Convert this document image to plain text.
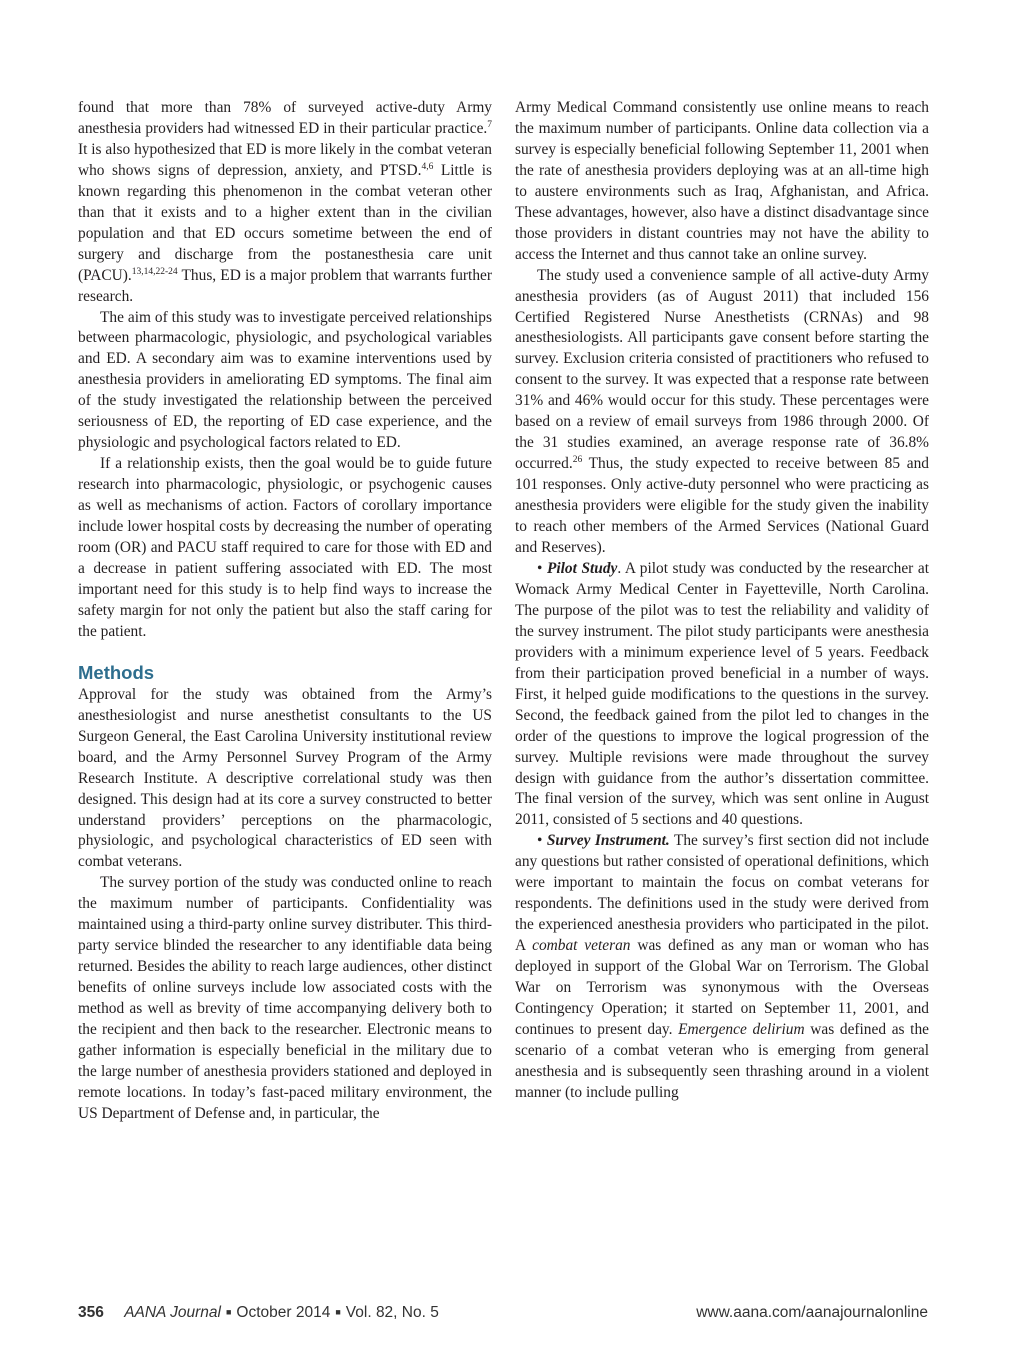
found that more than 78% of surveyed active-duty Army anesthesia providers had witnessed ED in their particular practice.$^7$ It is also hypothesized that ED is more likely in the combat veteran who shows signs of depression, anxiety, and PTSD.$^{4,6}$ Little is known regarding this phenomenon in the combat veteran other than that it exists and to a higher extent than in the civilian population and that ED occurs sometime between the end of surgery and discharge from the postanesthesia care unit (PACU).$^{13,14,22-24}$ Thus, ED is a major problem that warrants further research.

The aim of this study was to investigate perceived relationships between pharmacologic, physiologic, and psychological variables and ED. A secondary aim was to examine interventions used by anesthesia providers in ameliorating ED symptoms. The final aim of the study investigated the relationship between the perceived seriousness of ED, the reporting of ED case experience, and the physiologic and psychological factors related to ED.

If a relationship exists, then the goal would be to guide future research into pharmacologic, physiologic, or psychogenic causes as well as mechanisms of action. Factors of corollary importance include lower hospital costs by decreasing the number of operating room (OR) and PACU staff required to care for those with ED and a decrease in patient suffering associated with ED. The most important need for this study is to help find ways to increase the safety margin for not only the patient but also the staff caring for the patient.

Methods

Approval for the study was obtained from the Army’s anesthesiologist and nurse anesthetist consultants to the US Surgeon General, the East Carolina University institutional review board, and the Army Personnel Survey Program of the Army Research Institute. A descriptive correlational study was then designed. This design had at its core a survey constructed to better understand providers’ perceptions on the pharmacologic, physiologic, and psychological characteristics of ED seen with combat veterans.

The survey portion of the study was conducted online to reach the maximum number of participants. Confidentiality was maintained using a third-party online survey distributer. This third-party service blinded the researcher to any identifiable data being returned. Besides the ability to reach large audiences, other distinct benefits of online surveys include low associated costs with the method as well as brevity of time accompanying delivery both to the recipient and then back to the researcher. Electronic means to gather information is especially beneficial in the military due to the large number of anesthesia providers stationed and deployed in remote locations. In today’s fast-paced military environment, the US Department of Defense and, in particular, the

Army Medical Command consistently use online means to reach the maximum number of participants. Online data collection via a survey is especially beneficial following September 11, 2001 when the rate of anesthesia providers deploying was at an all-time high to austere environments such as Iraq, Afghanistan, and Africa. These advantages, however, also have a distinct disadvantage since those providers in distant countries may not have the ability to access the Internet and thus cannot take an online survey.

The study used a convenience sample of all active-duty Army anesthesia providers (as of August 2011) that included 156 Certified Registered Nurse Anesthetists (CRNAs) and 98 anesthesiologists. All participants gave consent before starting the survey. Exclusion criteria consisted of practitioners who refused to consent to the survey. It was expected that a response rate between 31% and 46% would occur for this study. These percentages were based on a review of email surveys from 1986 through 2000. Of the 31 studies examined, an average response rate of 36.8% occurred.$^{26}$ Thus, the study expected to receive between 85 and 101 responses. Only active-duty personnel who were practicing as anesthesia providers were eligible for the study given the inability to reach other members of the Armed Services (National Guard and Reserves).

• Pilot Study. A pilot study was conducted by the researcher at Womack Army Medical Center in Fayetteville, North Carolina. The purpose of the pilot was to test the reliability and validity of the survey instrument. The pilot study participants were anesthesia providers with a minimum experience level of 5 years. Feedback from their participation proved beneficial in a number of ways. First, it helped guide modifications to the questions in the survey. Second, the feedback gained from the pilot led to changes in the order of the questions to improve the logical progression of the survey. Multiple revisions were made throughout the survey design with guidance from the author’s dissertation committee. The final version of the survey, which was sent online in August 2011, consisted of 5 sections and 40 questions.

• Survey Instrument. The survey’s first section did not include any questions but rather consisted of operational definitions, which were important to maintain the focus on combat veterans for respondents. The definitions used in the study were derived from the experienced anesthesia providers who participated in the pilot. A combat veteran was defined as any man or woman who has deployed in support of the Global War on Terrorism. The Global War on Terrorism was synonymous with the Overseas Contingency Operation; it started on September 11, 2001, and continues to present day. Emergence delirium was defined as the scenario of a combat veteran who is emerging from general anesthesia and is subsequently seen thrashing around in a violent manner (to include pulling

356 AANA Journal ■ October 2014 ■ Vol. 82, No. 5	www.aana.com/aanajournalonline
